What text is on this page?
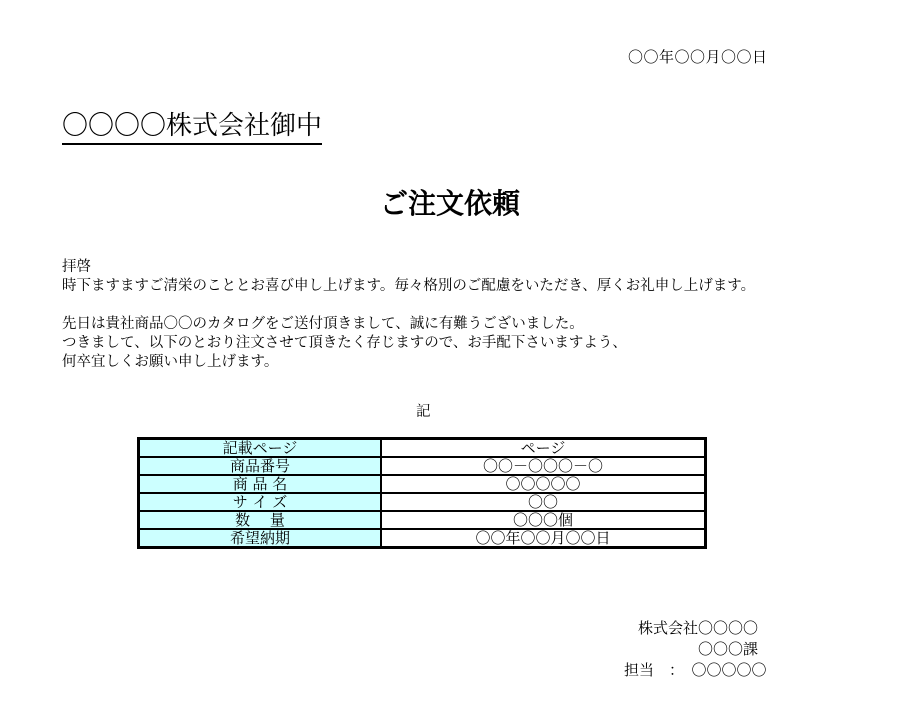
〇〇年〇〇月〇〇日
〇〇〇〇株式会社御中
ご注文依頼

拝啓

時下ますますご清栄のこととお喜び申し上げます。毎々格別のご配慮をいただき、厚くお礼申し上げます。

先日は貴社商品〇〇のカタログをご送付頂きまして、誠に有難うございました。

つきまして、以下のとおり注文させて頂きたく存じますので、お手配下さいますよう、

何卒宜しくお願い申し上げます。

記
記載ページ	ページ
商品番号	〇〇－〇〇〇－〇
商 品 名	〇〇〇〇〇
サ イ ズ	〇〇
数　 量	〇〇〇個
希望納期	〇〇年〇〇月〇〇日
株式会社〇〇〇〇
〇〇〇課
担当　：　〇〇〇〇〇
